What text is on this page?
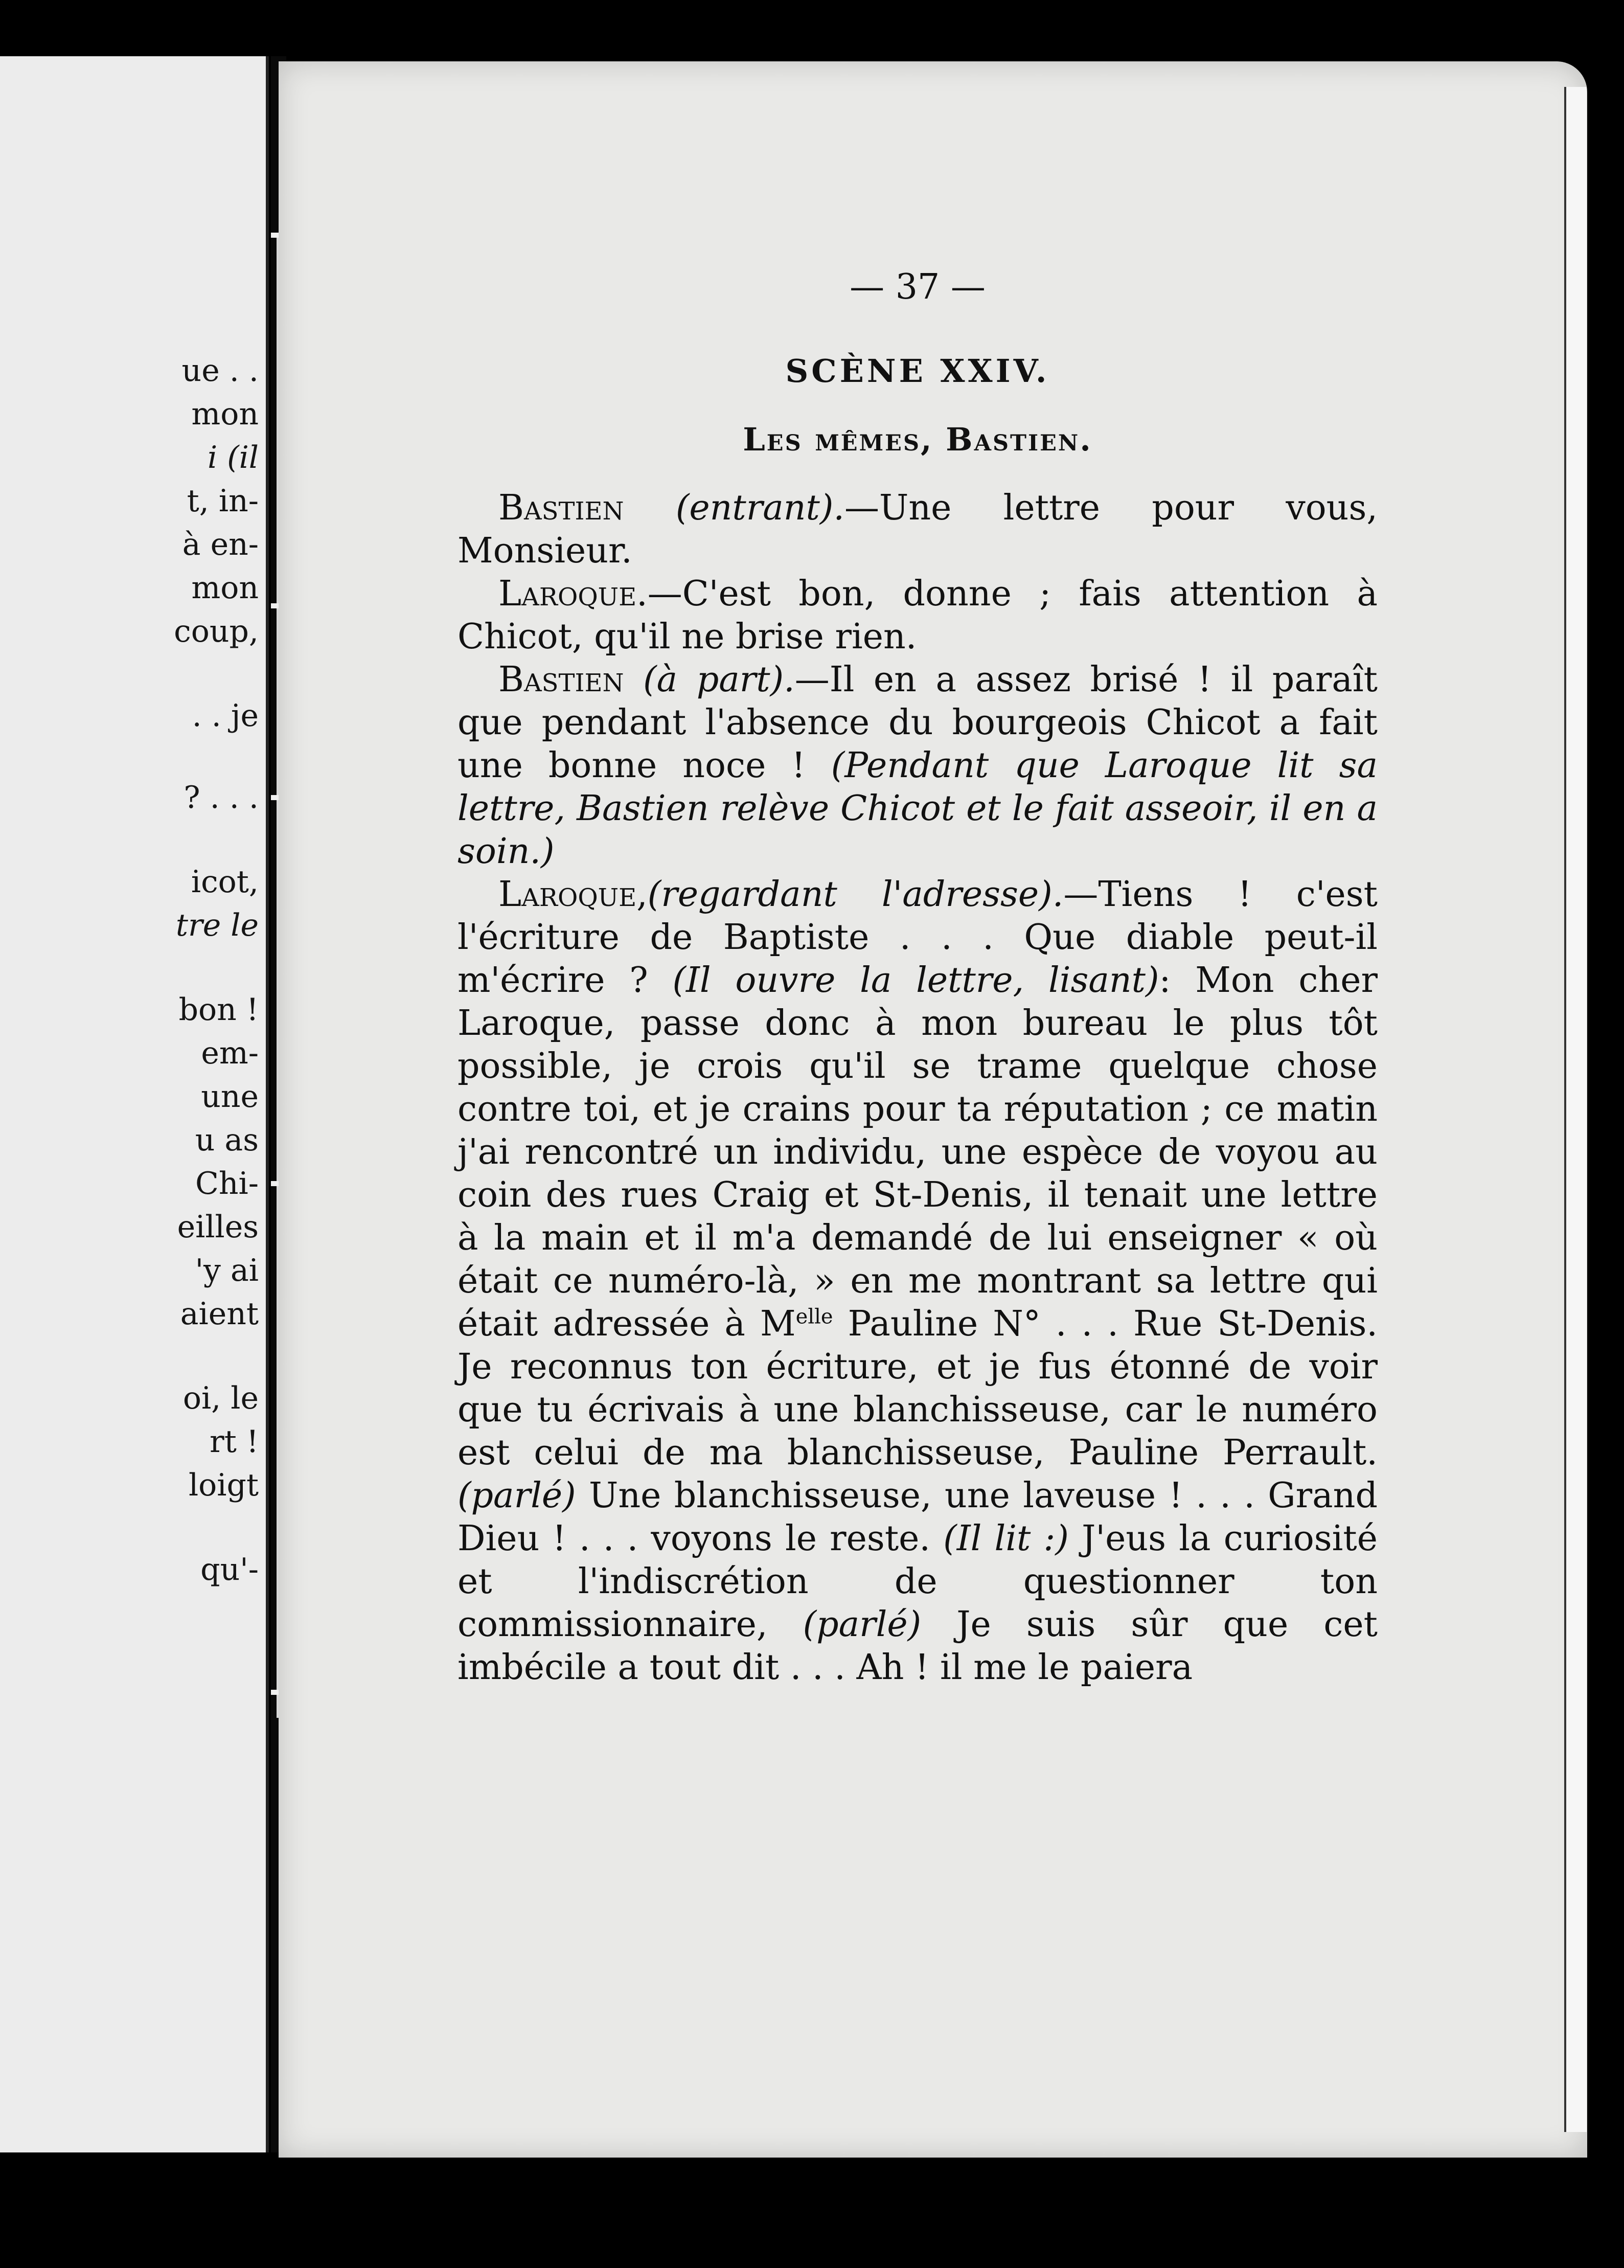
ue . .
mon
i (il
t, in-
à en-
mon
coup,
. . je
? . . .
icot,
tre le
bon !
em-
une
u as
Chi-
eilles
'y ai
aient
oi, le
rt !
loigt
qu'-
— 37 —
SCÈNE XXIV.
Les mêmes, Bastien.

Bastien (entrant).—Une lettre pour vous, Monsieur.

Laroque.—C'est bon, donne ; fais attention à Chicot, qu'il ne brise rien.

Bastien (à part).—Il en a assez brisé ! il paraît que pendant l'absence du bourgeois Chicot a fait une bonne noce ! (Pendant que Laroque lit sa lettre, Bastien relève Chicot et le fait asseoir, il en a soin.)

Laroque,(regardant l'adresse).—Tiens ! c'est l'écriture de Baptiste . . . Que diable peut-il m'écrire ? (Il ouvre la lettre, lisant): Mon cher Laroque, passe donc à mon bureau le plus tôt possible, je crois qu'il se trame quelque chose contre toi, et je crains pour ta réputation ; ce matin j'ai rencontré un individu, une espèce de voyou au coin des rues Craig et St-Denis, il tenait une lettre à la main et il m'a demandé de lui enseigner « où était ce numéro-là, » en me montrant sa lettre qui était adressée à $M^{elle}$ Pauline N° . . . Rue St-Denis. Je reconnus ton écriture, et je fus étonné de voir que tu écrivais à une blanchisseuse, car le numéro est celui de ma blanchisseuse, Pauline Perrault. (parlé) Une blanchisseuse, une laveuse ! . . . Grand Dieu ! . . . voyons le reste. (Il lit :) J'eus la curiosité et l'indiscrétion de questionner ton commissionnaire, (parlé) Je suis sûr que cet imbécile a tout dit . . . Ah ! il me le paiera
